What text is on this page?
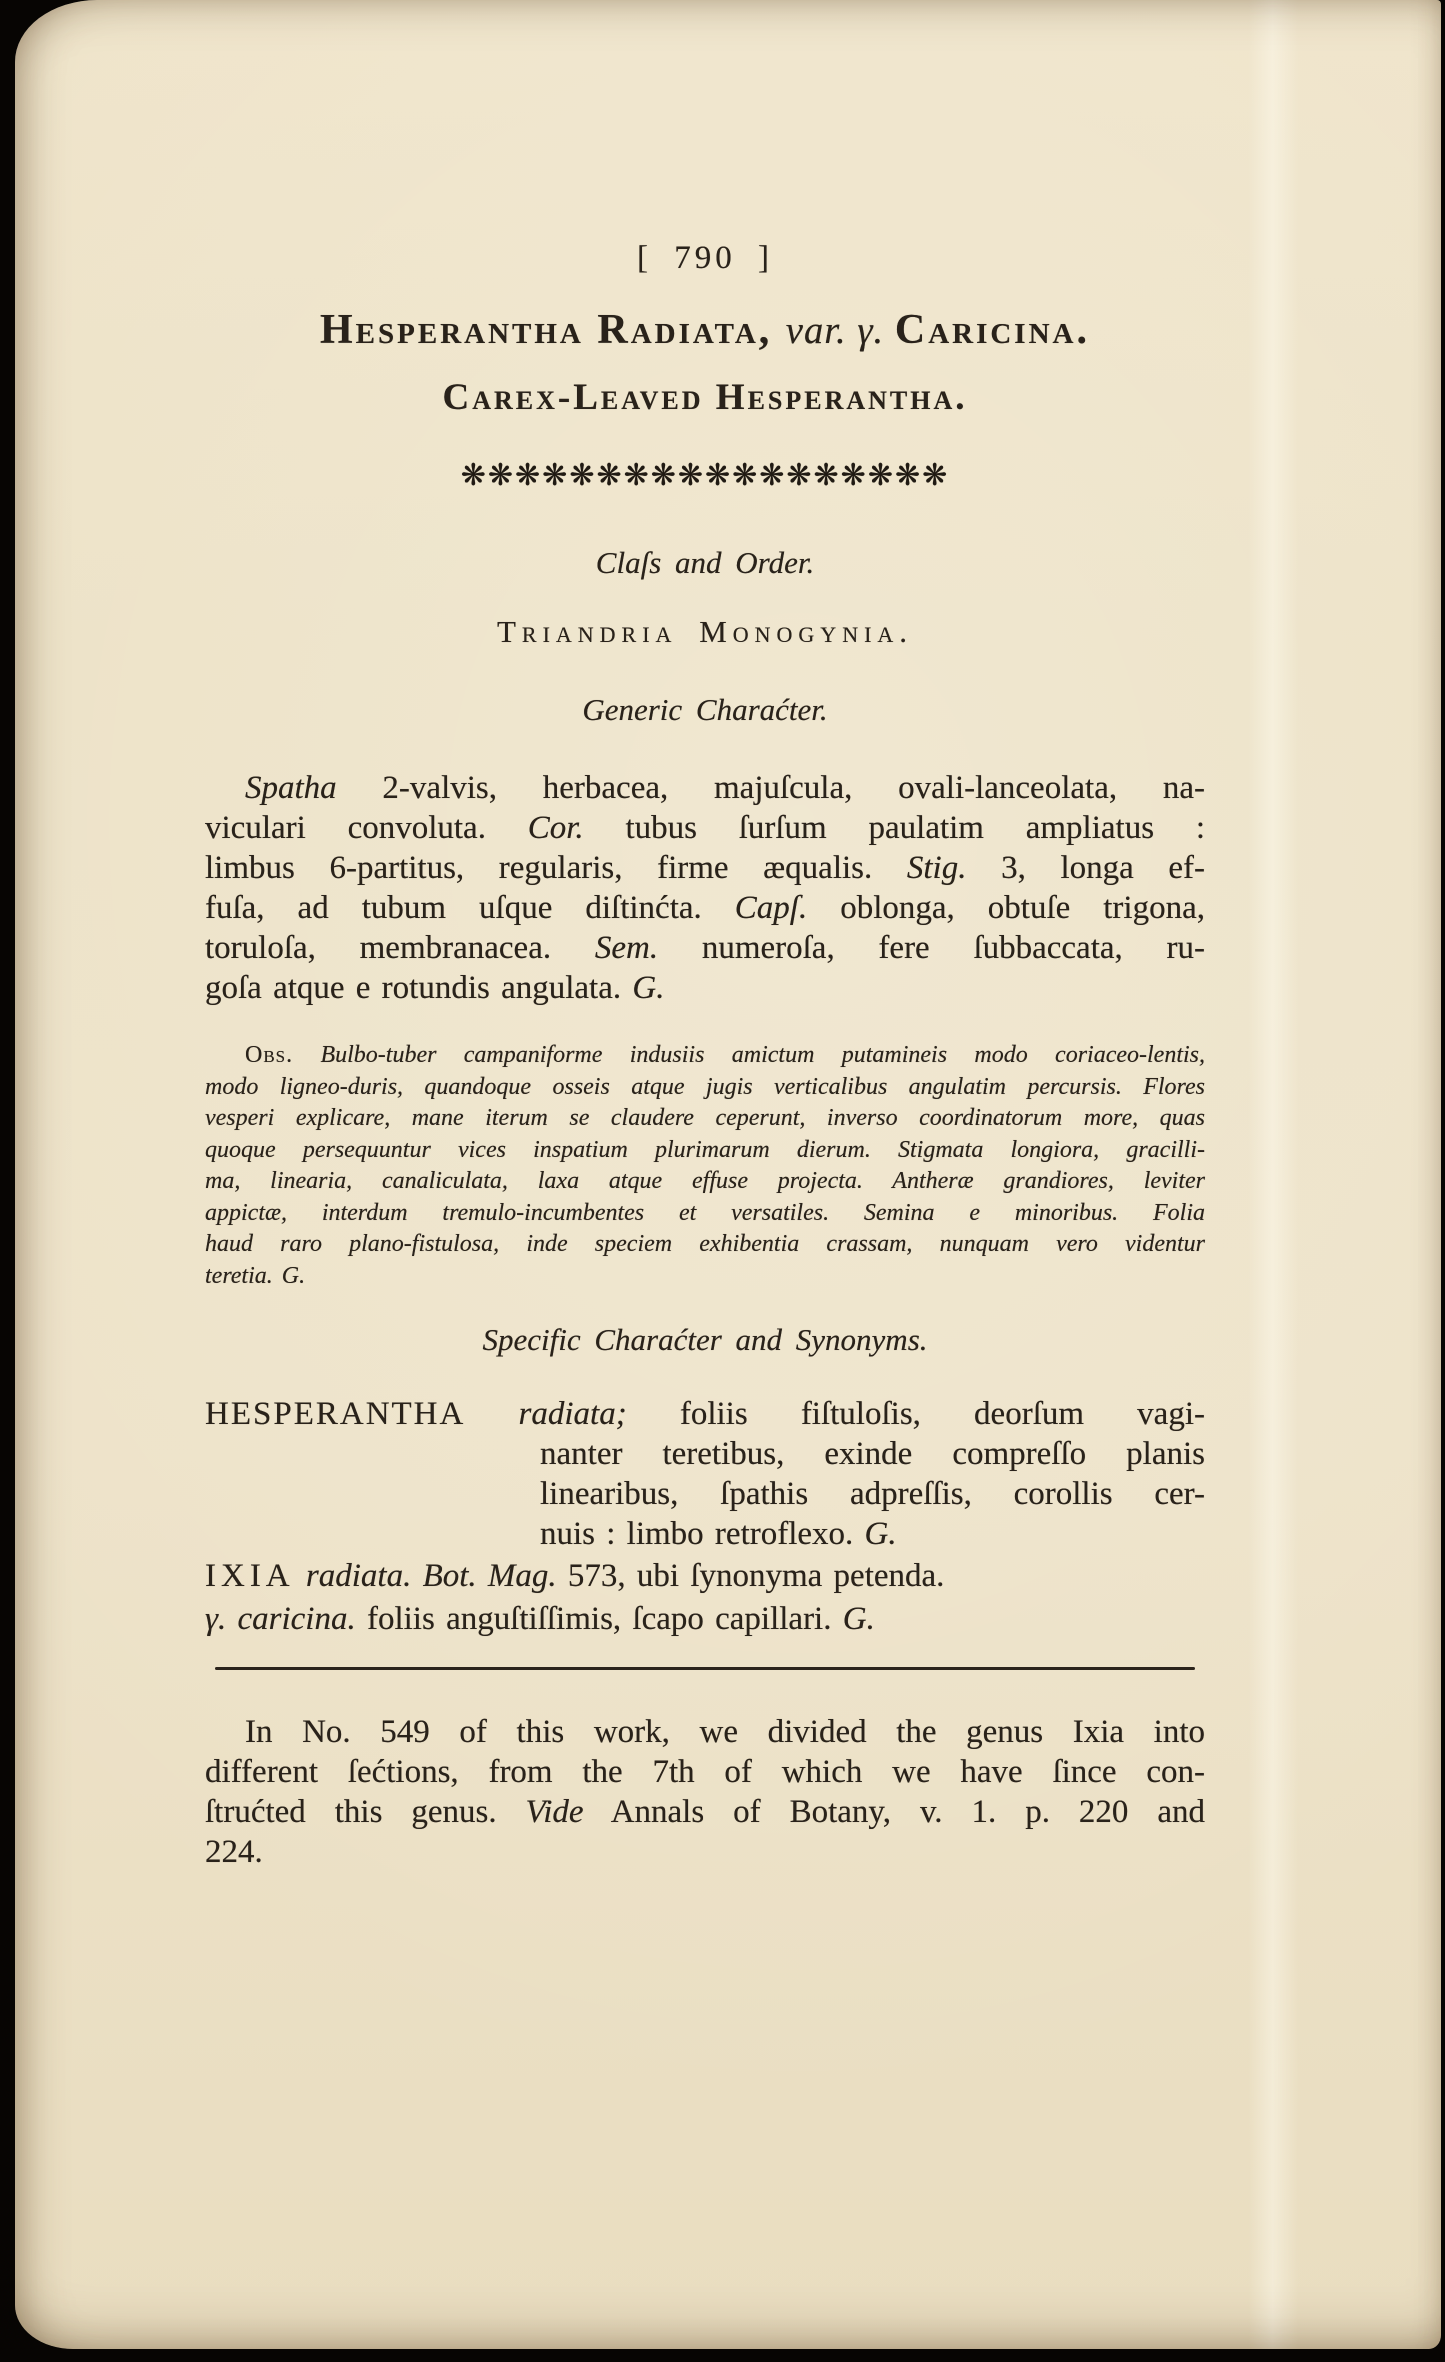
[ 790 ]
Hesperantha Radiata, var. γ. Caricina.
Carex-Leaved Hesperantha.
❋❋❋❋❋❋❋❋❋❋❋❋❋❋❋❋❋❋
Claſs and Order.
Triandria Monogynia.
Generic Charaćter.
Spatha 2-valvis, herbacea, majuſcula, ovali-lanceolata, na-
viculari convoluta. Cor. tubus ſurſum paulatim ampliatus :
limbus 6-partitus, regularis, firme æqualis. Stig. 3, longa ef-
fuſa, ad tubum uſque diſtinćta. Capſ. oblonga, obtuſe trigona,
toruloſa, membranacea. Sem. numeroſa, fere ſubbaccata, ru-
goſa atque e rotundis angulata. G.
Obs. Bulbo-tuber campaniforme indusiis amictum putamineis modo coriaceo-lentis,
modo ligneo-duris, quandoque osseis atque jugis verticalibus angulatim percursis. Flores
vesperi explicare, mane iterum se claudere ceperunt, inverso coordinatorum more, quas
quoque persequuntur vices inspatium plurimarum dierum. Stigmata longiora, gracilli-
ma, linearia, canaliculata, laxa atque effuse projecta. Antheræ grandiores, leviter
appictæ, interdum tremulo-incumbentes et versatiles. Semina e minoribus. Folia
haud raro plano-fistulosa, inde speciem exhibentia crassam, nunquam vero videntur
teretia. G.
Specific Charaćter and Synonyms.
HESPERANTHA radiata; foliis fiſtuloſis, deorſum vagi-
nanter teretibus, exinde compreſſo planis
linearibus, ſpathis adpreſſis, corollis cer-
nuis : limbo retroflexo. G.
IXIA radiata. Bot. Mag. 573, ubi ſynonyma petenda.
γ. caricina. foliis anguſtiſſimis, ſcapo capillari. G.
In No. 549 of this work, we divided the genus Ixia into
different ſećtions, from the 7th of which we have ſince con-
ſtrućted this genus. Vide Annals of Botany, v. 1. p. 220 and
224.
